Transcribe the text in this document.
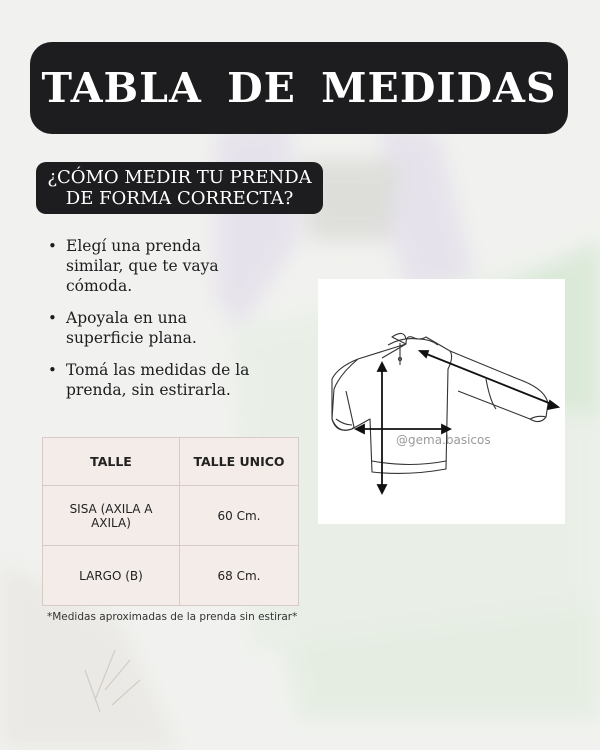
TABLA DE MEDIDAS
¿CÓMO MEDIR TU PRENDA
DE FORMA CORRECTA?
• Elegí una prenda
similar, que te vaya
cómoda.
• Apoyala en una
superficie plana.
• Tomá las medidas de la
prenda, sin estirarla.
@gema.basicos
TALLE	TALLE UNICO
SISA (AXILA A
AXILA)	60 Cm.
LARGO (B)	68 Cm.
*Medidas aproximadas de la prenda sin estirar*
